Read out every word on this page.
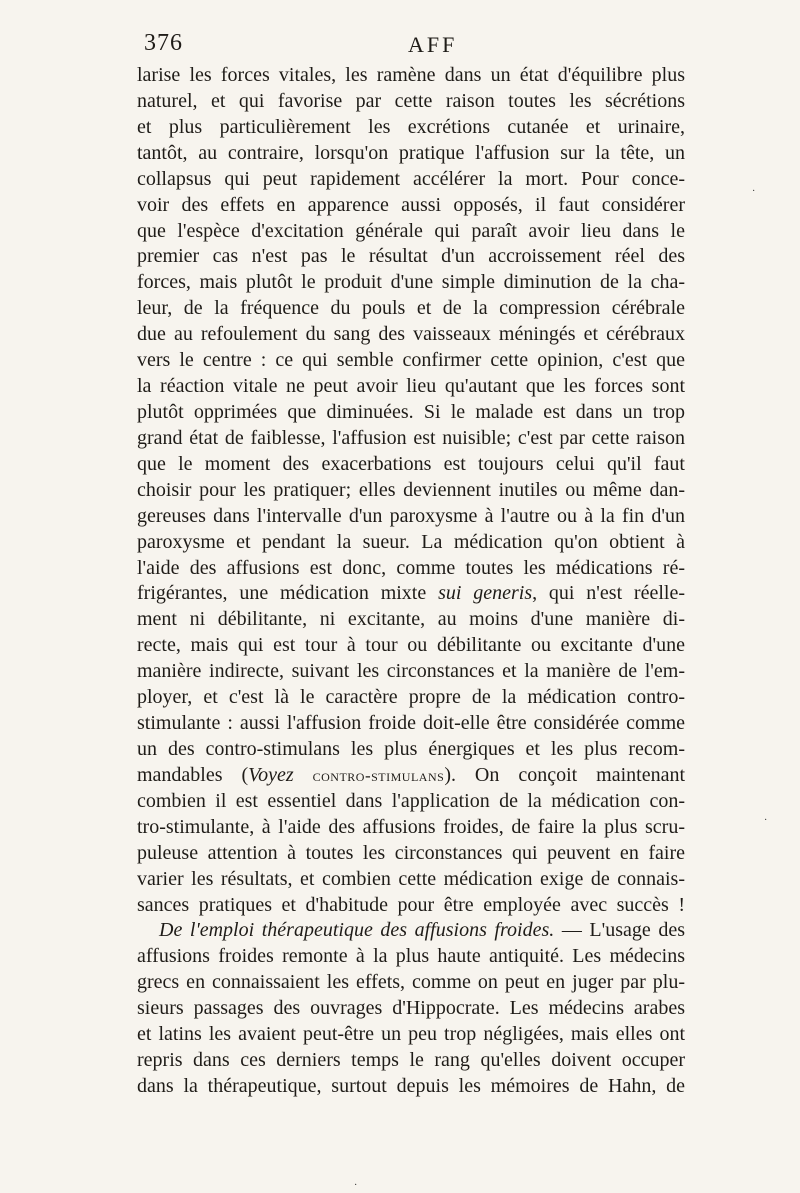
376	AFF
larise les forces vitales, les ramène dans un état d'équilibre plus
naturel, et qui favorise par cette raison toutes les sécrétions
et plus particulièrement les excrétions cutanée et urinaire,
tantôt, au contraire, lorsqu'on pratique l'affusion sur la tête, un
collapsus qui peut rapidement accélérer la mort. Pour conce-
voir des effets en apparence aussi opposés, il faut considérer
que l'espèce d'excitation générale qui paraît avoir lieu dans le
premier cas n'est pas le résultat d'un accroissement réel des
forces, mais plutôt le produit d'une simple diminution de la cha-
leur, de la fréquence du pouls et de la compression cérébrale
due au refoulement du sang des vaisseaux méningés et cérébraux
vers le centre : ce qui semble confirmer cette opinion, c'est que
la réaction vitale ne peut avoir lieu qu'autant que les forces sont
plutôt opprimées que diminuées. Si le malade est dans un trop
grand état de faiblesse, l'affusion est nuisible; c'est par cette raison
que le moment des exacerbations est toujours celui qu'il faut
choisir pour les pratiquer; elles deviennent inutiles ou même dan-
gereuses dans l'intervalle d'un paroxysme à l'autre ou à la fin d'un
paroxysme et pendant la sueur. La médication qu'on obtient à
l'aide des affusions est donc, comme toutes les médications ré-
frigérantes, une médication mixte sui generis, qui n'est réelle-
ment ni débilitante, ni excitante, au moins d'une manière di-
recte, mais qui est tour à tour ou débilitante ou excitante d'une
manière indirecte, suivant les circonstances et la manière de l'em-
ployer, et c'est là le caractère propre de la médication contro-
stimulante : aussi l'affusion froide doit-elle être considérée comme
un des contro-stimulans les plus énergiques et les plus recom-
mandables (Voyez contro-stimulans). On conçoit maintenant
combien il est essentiel dans l'application de la médication con-
tro-stimulante, à l'aide des affusions froides, de faire la plus scru-
puleuse attention à toutes les circonstances qui peuvent en faire
varier les résultats, et combien cette médication exige de connais-
sances pratiques et d'habitude pour être employée avec succès !
De l'emploi thérapeutique des affusions froides. — L'usage des
affusions froides remonte à la plus haute antiquité. Les médecins
grecs en connaissaient les effets, comme on peut en juger par plu-
sieurs passages des ouvrages d'Hippocrate. Les médecins arabes
et latins les avaient peut-être un peu trop négligées, mais elles ont
repris dans ces derniers temps le rang qu'elles doivent occuper
dans la thérapeutique, surtout depuis les mémoires de Hahn, de
·
·
·
